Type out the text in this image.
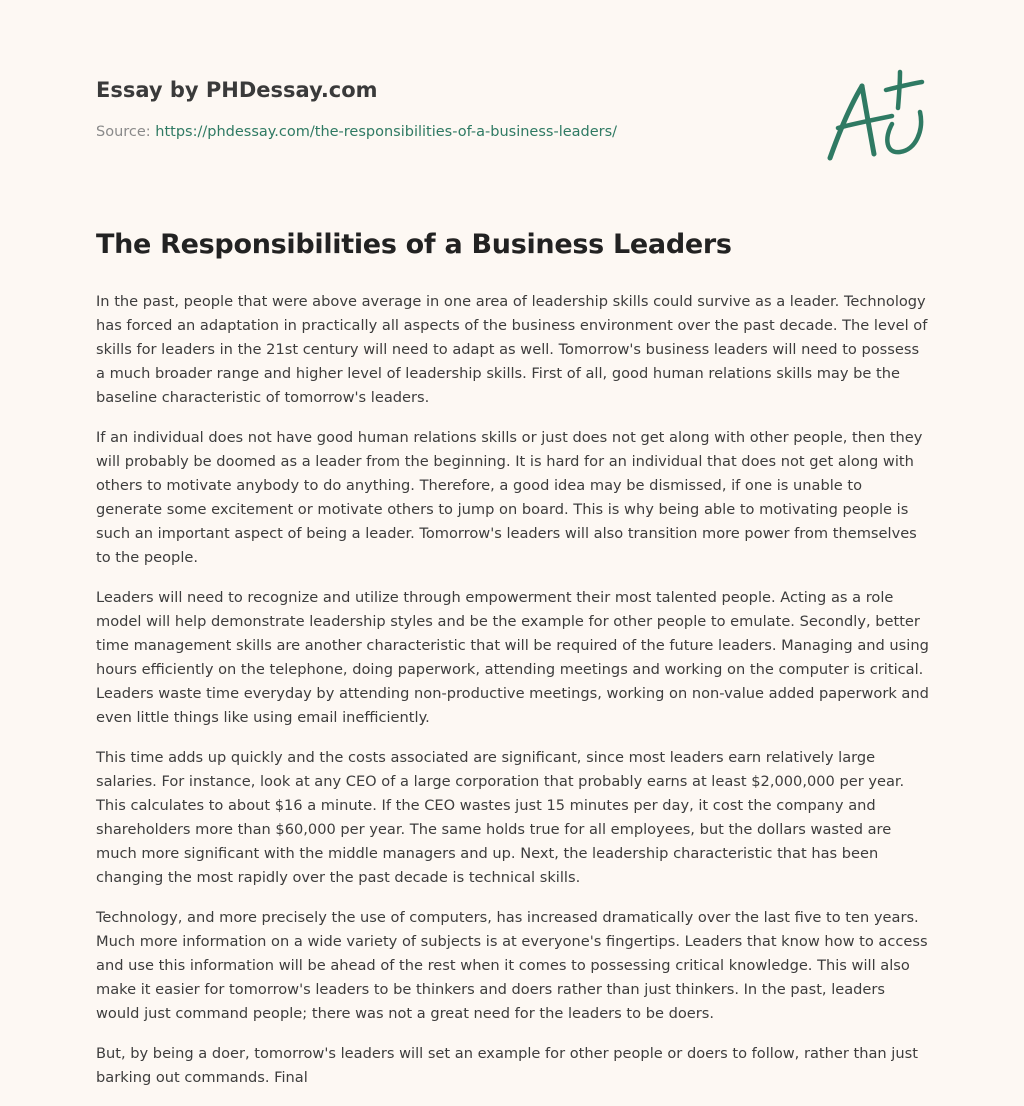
Essay by PHDessay.com
Source: https://phdessay.com/the-responsibilities-of-a-business-leaders/
The Responsibilities of a Business Leaders

In the past, people that were above average in one area of leadership skills could survive as a leader. Technology has forced an adaptation in practically all aspects of the business environment over the past decade. The level of skills for leaders in the 21st century will need to adapt as well. Tomorrow's business leaders will need to possess a much broader range and higher level of leadership skills. First of all, good human relations skills may be the baseline characteristic of tomorrow's leaders.

If an individual does not have good human relations skills or just does not get along with other people, then they will probably be doomed as a leader from the beginning. It is hard for an individual that does not get along with others to motivate anybody to do anything. Therefore, a good idea may be dismissed, if one is unable to generate some excitement or motivate others to jump on board. This is why being able to motivating people is such an important aspect of being a leader. Tomorrow's leaders will also transition more power from themselves to the people.

Leaders will need to recognize and utilize through empowerment their most talented people. Acting as a role model will help demonstrate leadership styles and be the example for other people to emulate. Secondly, better time management skills are another characteristic that will be required of the future leaders. Managing and using hours efficiently on the telephone, doing paperwork, attending meetings and working on the computer is critical. Leaders waste time everyday by attending non-productive meetings, working on non-value added paperwork and even little things like using email inefficiently.

This time adds up quickly and the costs associated are significant, since most leaders earn relatively large salaries. For instance, look at any CEO of a large corporation that probably earns at least $2,000,000 per year. This calculates to about $16 a minute. If the CEO wastes just 15 minutes per day, it cost the company and shareholders more than $60,000 per year. The same holds true for all employees, but the dollars wasted are much more significant with the middle managers and up. Next, the leadership characteristic that has been changing the most rapidly over the past decade is technical skills.

Technology, and more precisely the use of computers, has increased dramatically over the last five to ten years. Much more information on a wide variety of subjects is at everyone's fingertips. Leaders that know how to access and use this information will be ahead of the rest when it comes to possessing critical knowledge. This will also make it easier for tomorrow's leaders to be thinkers and doers rather than just thinkers. In the past, leaders would just command people; there was not a great need for the leaders to be doers.

But, by being a doer, tomorrow's leaders will set an example for other people or doers to follow, rather than just barking out commands. Final
